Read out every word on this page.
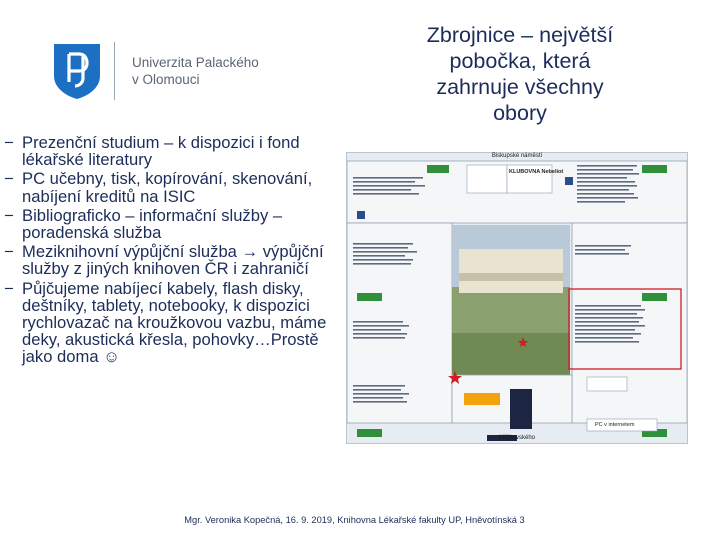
Univerzita Palackého
v Olomouci
Zbrojnice – největší
pobočka, která
zahrnuje všechny
obory
− Prezenční studium – k dispozici i fond lékařské literatury
− PC učebny, tisk, kopírování, skenování, nabíjení kreditů na ISIC
− Bibliograficko – informační služby – poradenská služba
− Meziknihovní výpůjční služba → výpůjční služby z jiných knihoven ČR i zahraničí
− Půjčujeme nabíjecí kabely, flash disky, deštníky, tablety, notebooky, k dispozici rychlovazač na kroužkovou vazbu, máme deky, akustická křesla, pohovky…Prostě jako doma ☺
Biskupské náměstí
KLUBOVNA Nebeliot
PC v internetem
Křížkovského
Mgr. Veronika Kopečná, 16. 9. 2019, Knihovna Lékařské fakulty UP, Hněvotínská 3
